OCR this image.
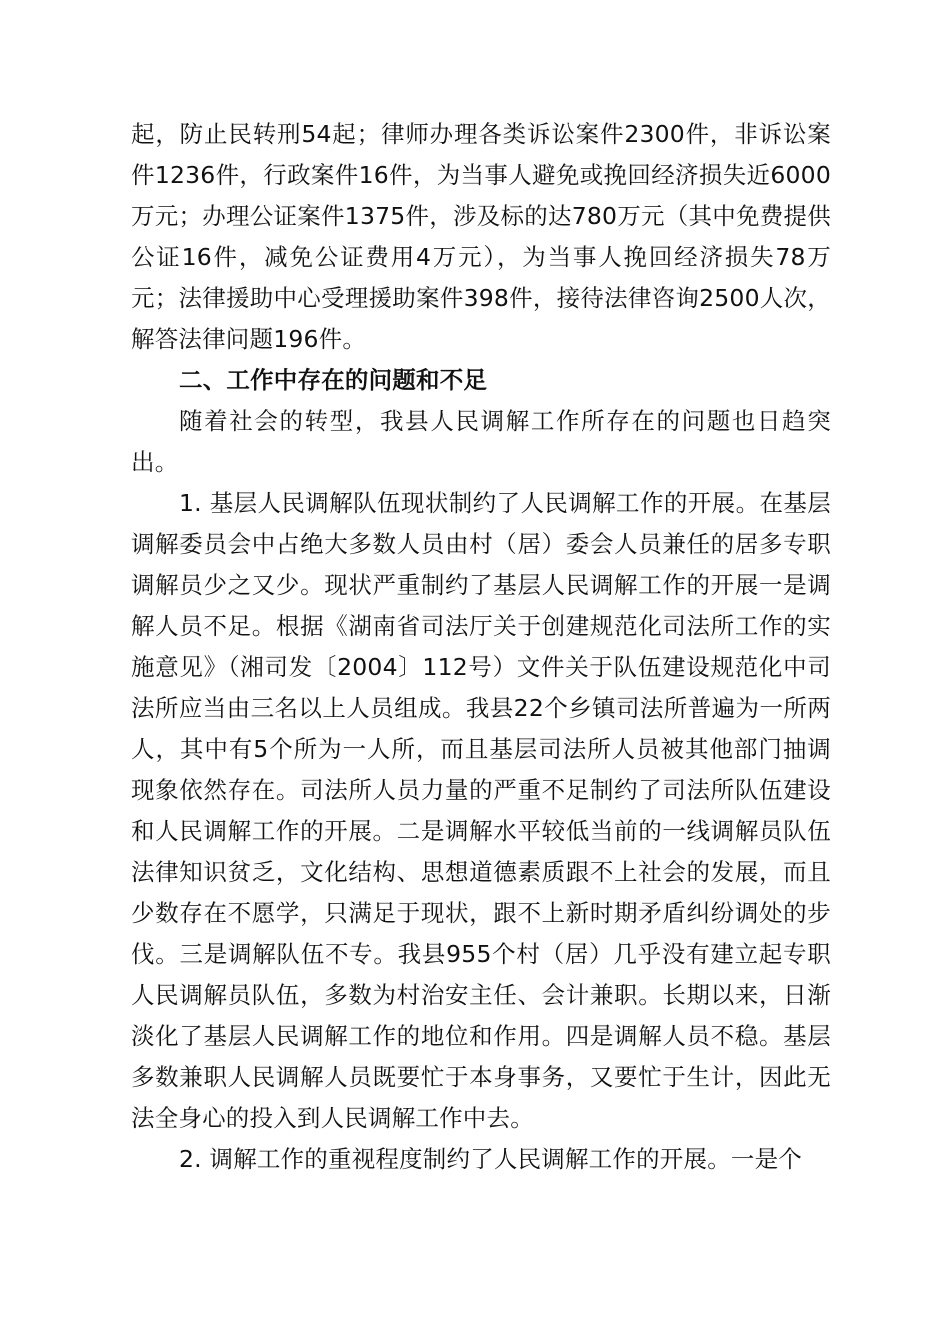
起，防止民转刑54起；律师办理各类诉讼案件2300件，非诉讼案件1236件，行政案件16件，为当事人避免或挽回经济损失近6000万元；办理公证案件1375件，涉及标的达780万元（其中免费提供公证16件，减免公证费用4万元），为当事人挽回经济损失78万元；法律援助中心受理援助案件398件，接待法律咨询2500人次，解答法律问题196件。

二、工作中存在的问题和不足

随着社会的转型，我县人民调解工作所存在的问题也日趋突出。

1. 基层人民调解队伍现状制约了人民调解工作的开展。在基层调解委员会中占绝大多数人员由村（居）委会人员兼任的居多专职调解员少之又少。现状严重制约了基层人民调解工作的开展一是调解人员不足。根据《湖南省司法厅关于创建规范化司法所工作的实施意见》（湘司发〔2004〕112号）文件关于队伍建设规范化中司法所应当由三名以上人员组成。我县22个乡镇司法所普遍为一所两人，其中有5个所为一人所，而且基层司法所人员被其他部门抽调现象依然存在。司法所人员力量的严重不足制约了司法所队伍建设和人民调解工作的开展。二是调解水平较低当前的一线调解员队伍法律知识贫乏，文化结构、思想道德素质跟不上社会的发展，而且少数存在不愿学，只满足于现状，跟不上新时期矛盾纠纷调处的步伐。三是调解队伍不专。我县955个村（居）几乎没有建立起专职人民调解员队伍，多数为村治安主任、会计兼职。长期以来，日渐淡化了基层人民调解工作的地位和作用。四是调解人员不稳。基层多数兼职人民调解人员既要忙于本身事务，又要忙于生计，因此无法全身心的投入到人民调解工作中去。

2. 调解工作的重视程度制约了人民调解工作的开展。一是个
